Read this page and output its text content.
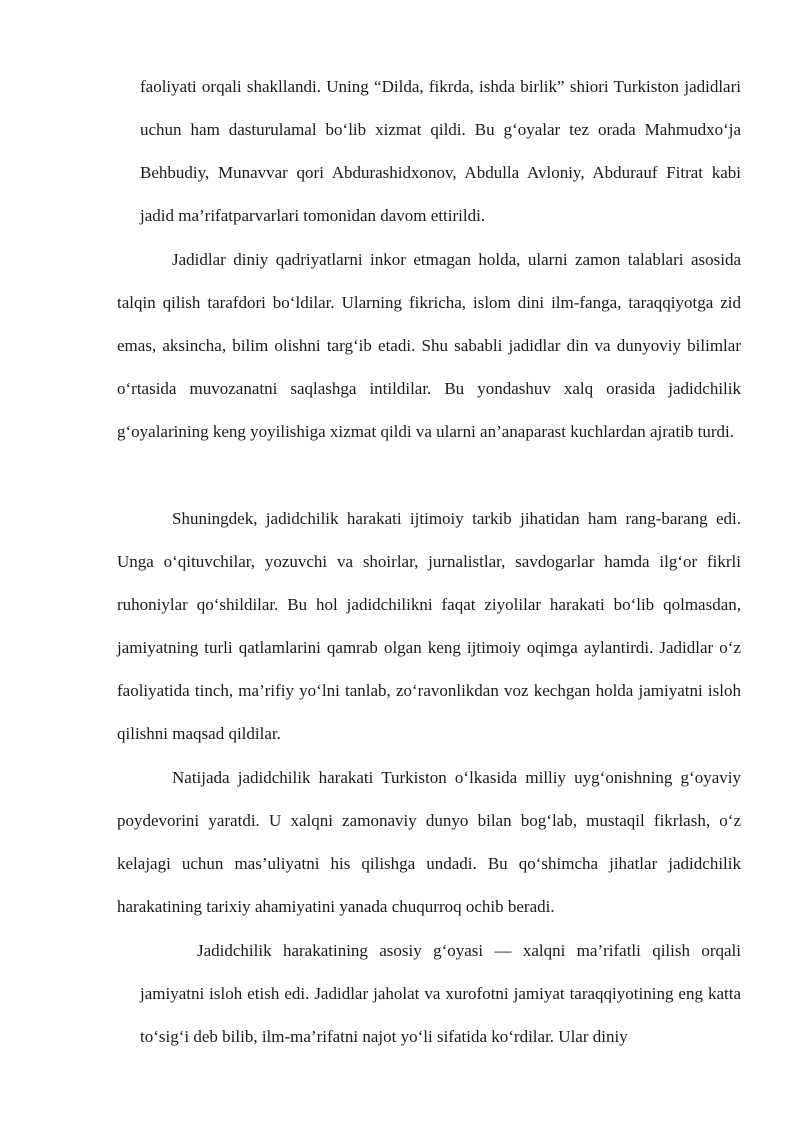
faoliyati orqali shakllandi. Uning “Dilda, fikrda, ishda birlik” shiori Turkiston jadidlari uchun ham dasturulamal bo‘lib xizmat qildi. Bu g‘oyalar tez orada Mahmudxo‘ja Behbudiy, Munavvar qori Abdurashidxonov, Abdulla Avloniy, Abdurauf Fitrat kabi jadid ma’rifatparvarlari tomonidan davom ettirildi.

Jadidlar diniy qadriyatlarni inkor etmagan holda, ularni zamon talablari asosida talqin qilish tarafdori bo‘ldilar. Ularning fikricha, islom dini ilm-fanga, taraqqiyotga zid emas, aksincha, bilim olishni targ‘ib etadi. Shu sababli jadidlar din va dunyoviy bilimlar o‘rtasida muvozanatni saqlashga intildilar. Bu yondashuv xalq orasida jadidchilik g‘oyalarining keng yoyilishiga xizmat qildi va ularni an’anaparast kuchlardan ajratib turdi.

Shuningdek, jadidchilik harakati ijtimoiy tarkib jihatidan ham rang-barang edi. Unga o‘qituvchilar, yozuvchi va shoirlar, jurnalistlar, savdogarlar hamda ilg‘or fikrli ruhoniylar qo‘shildilar. Bu hol jadidchilikni faqat ziyolilar harakati bo‘lib qolmasdan, jamiyatning turli qatlamlarini qamrab olgan keng ijtimoiy oqimga aylantirdi. Jadidlar o‘z faoliyatida tinch, ma’rifiy yo‘lni tanlab, zo‘ravonlikdan voz kechgan holda jamiyatni isloh qilishni maqsad qildilar.

Natijada jadidchilik harakati Turkiston o‘lkasida milliy uyg‘onishning g‘oyaviy poydevorini yaratdi. U xalqni zamonaviy dunyo bilan bog‘lab, mustaqil fikrlash, o‘z kelajagi uchun mas’uliyatni his qilishga undadi. Bu qo‘shimcha jihatlar jadidchilik harakatining tarixiy ahamiyatini yanada chuqurroq ochib beradi.

Jadidchilik harakatining asosiy g‘oyasi — xalqni ma’rifatli qilish orqali jamiyatni isloh etish edi. Jadidlar jaholat va xurofotni jamiyat taraqqiyotining eng katta to‘sig‘i deb bilib, ilm-ma’rifatni najot yo‘li sifatida ko‘rdilar. Ular diniy
